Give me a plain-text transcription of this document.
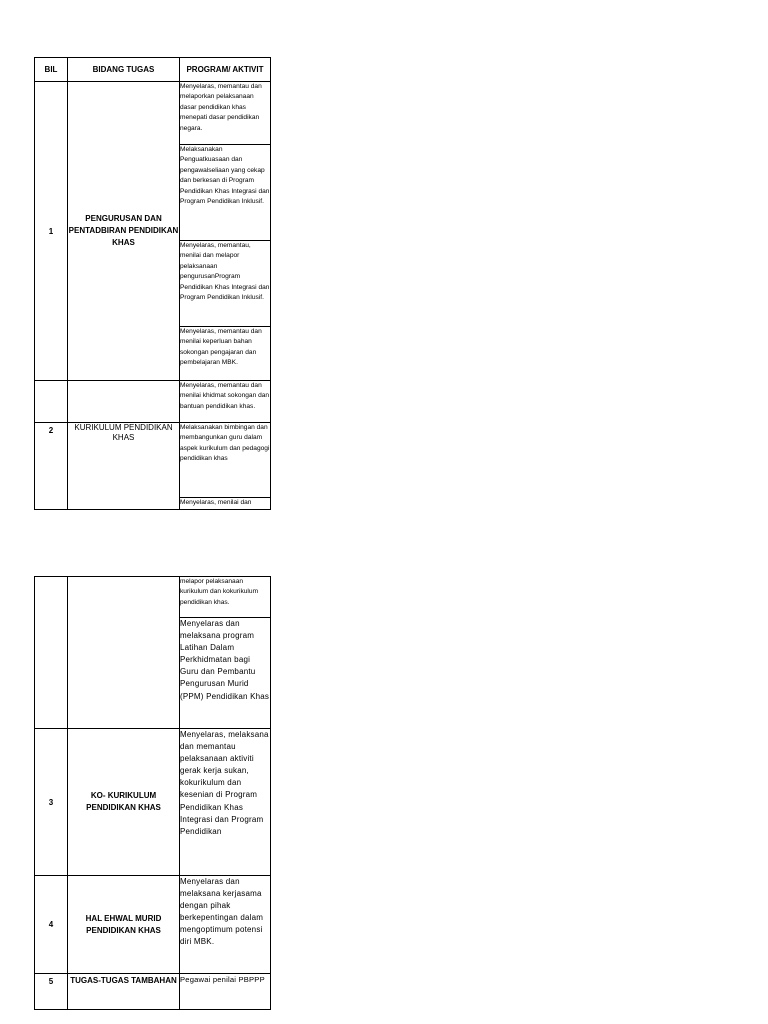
BIL	BIDANG TUGAS	PROGRAM/ AKTIVIT
1	PENGURUSAN DAN PENTADBIRAN PENDIDIKAN KHAS	Menyelaras, memantau dan melaporkan pelaksanaan dasar pendidikan khas menepati dasar pendidikan negara.
		Melaksanakan Penguatkuasaan dan pengawalseliaan yang cekap dan berkesan di Program Pendidikan Khas Integrasi dan Program Pendidikan Inklusif.
		Menyelaras, memantau, menilai dan melapor pelaksanaan pengurusanProgram Pendidikan Khas Integrasi dan Program Pendidikan Inklusif.
		Menyelaras, memantau dan menilai keperluan bahan sokongan pengajaran dan pembelajaran MBK.
		Menyelaras, memantau dan menilai khidmat sokongan dan bantuan pendidikan khas.
2	KURIKULUM PENDIDIKAN KHAS	Melaksanakan bimbingan dan membangunkan guru dalam aspek kurikulum dan pedagogi pendidikan khas
		Menyelaras, menilai dan
		melapor pelaksanaan kurikulum dan kokurikulum pendidikan khas.
		Menyelaras dan melaksana program Latihan Dalam Perkhidmatan bagi Guru dan Pembantu Pengurusan Murid (PPM) Pendidikan Khas
3	KO- KURIKULUM PENDIDIKAN KHAS	Menyelaras, melaksana dan memantau pelaksanaan aktiviti gerak kerja sukan, kokurikulum dan kesenian di Program Pendidikan Khas Integrasi dan Program Pendidikan
4	HAL EHWAL MURID PENDIDIKAN KHAS	Menyelaras dan melaksana kerjasama dengan pihak berkepentingan dalam mengoptimum potensi diri MBK.
5	TUGAS-TUGAS TAMBAHAN	Pegawai penilai PBPPP
